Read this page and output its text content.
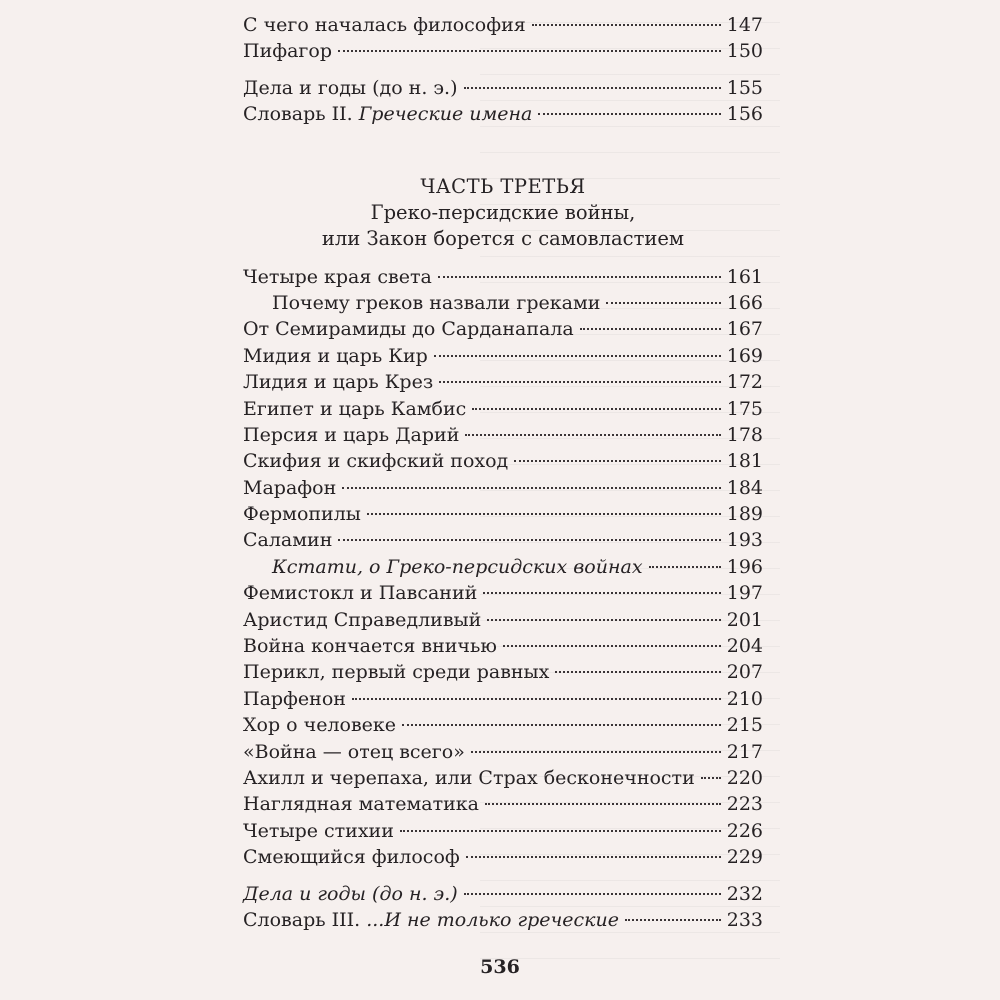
С чего началась философия	147
Пифагор	150
Дела и годы (до н. э.)	155
Словарь II. Греческие имена	156
ЧАСТЬ ТРЕТЬЯ
Греко-персидские войны,
или Закон борется с самовластием
Четыре края света	161
Почему греков назвали греками	166
От Семирамиды до Сарданапала	167
Мидия и царь Кир	169
Лидия и царь Крез	172
Египет и царь Камбис	175
Персия и царь Дарий	178
Скифия и скифский поход	181
Марафон	184
Фермопилы	189
Саламин	193
Кстати, о Греко-персидских войнах	196
Фемистокл и Павсаний	197
Аристид Справедливый	201
Война кончается вничью	204
Перикл, первый среди равных	207
Парфенон	210
Хор о человеке	215
«Война — отец всего»	217
Ахилл и черепаха, или Страх бесконечности 220
Наглядная математика	223
Четыре стихии	226
Смеющийся философ	229
Дела и годы (до н. э.)	232
Словарь III. ...И не только греческие	233
536
